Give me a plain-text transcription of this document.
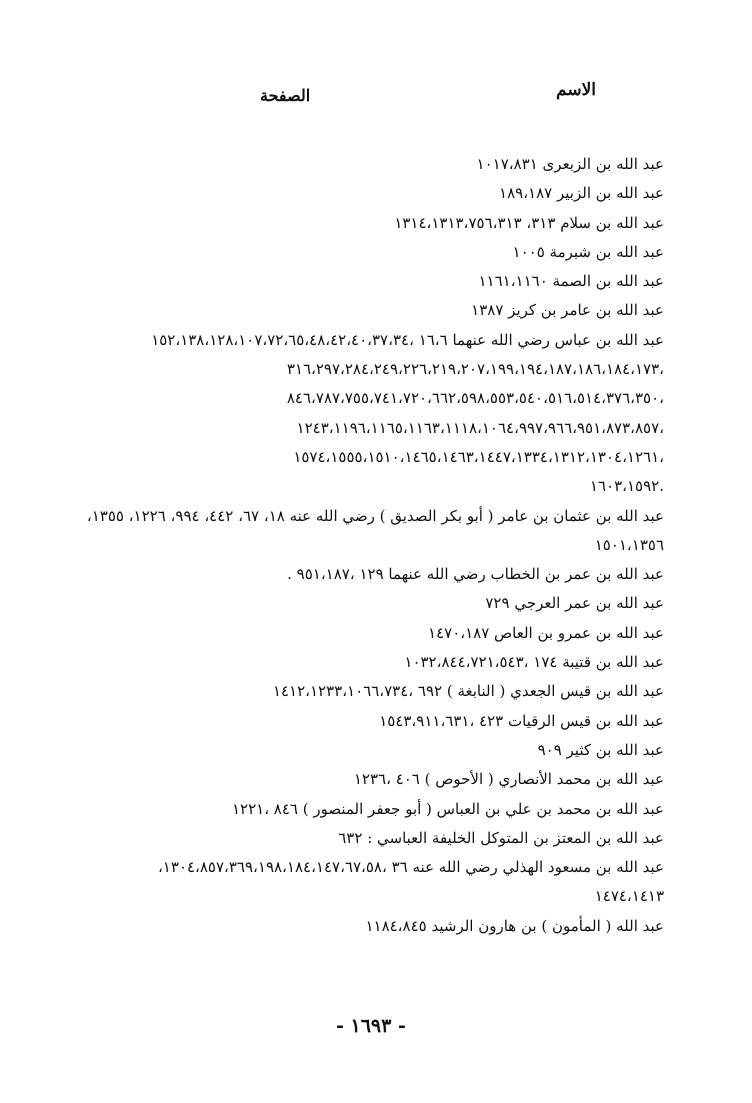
الاسم
الصفحة
عبد الله بن الزبعرى ١٠١٧،٨٣١
عبد الله بن الزبير ١٨٩،١٨٧
عبد الله بن سلام ٣١٣، ١٣١٤،١٣١٣،٧٥٦،٣١٣
عبد الله بن شبرمة ١٠٠٥
عبد الله بن الصمة ١١٦١،١١٦٠
عبد الله بن عامر بن كريز ١٣٨٧
عبد الله بن عباس رضي الله عنهما ١٦،٦ ،١٥٢،١٣٨،١٢٨،١٠٧،٧٢،٦٥،٤٨،٤٢،٤٠،٣٧،٣٤
،٣١٦،٢٩٧،٢٨٤،٢٤٩،٢٢٦،٢١٩،٢٠٧،١٩٩،١٩٤،١٨٧،١٨٦،١٨٤،١٧٣
،٨٤٦،٧٨٧،٧٥٥،٧٤١،٧٢٠،٦٦٢،٥٩٨،٥٥٣،٥٤٠،٥١٦،٥١٤،٣٧٦،٣٥٠
،١٢٤٣،١١٩٦،١١٦٥،١١٦٣،١١١٨،١٠٦٤،٩٩٧،٩٦٦،٩٥١،٨٧٣،٨٥٧
،١٥٧٤،١٥٥٥،١٥١٠،١٤٦٥،١٤٦٣،١٤٤٧،١٣٣٤،١٣١٢،١٣٠٤،١٢٦١
.١٦٠٣،١٥٩٢
عبد الله بن عثمان بن عامر ( أبو بكر الصديق ) رضي الله عنه ١٨، ٦٧، ٤٤٢، ٩٩٤، ١٢٢٦، ١٣٥٥،
١٥٠١،١٣٥٦
عبد الله بن عمر بن الخطاب رضي الله عنهما ١٢٩ ،٩٥١،١٨٧ .
عبد الله بن عمر العرجي ٧٢٩
عبد الله بن عمرو بن العاص ١٤٧٠،١٨٧
عبد الله بن قتيبة ١٧٤ ،١٠٣٢،٨٤٤،٧٢١،٥٤٣
عبد الله بن قيس الجعدي ( النابغة ) ٦٩٢ ،١٤١٢،١٢٣٣،١٠٦٦،٧٣٤
عبد الله بن قيس الرقيات ٤٢٣ ،١٥٤٣،٩١١،٦٣١
عبد الله بن كثير ٩٠٩
عبد الله بن محمد الأنصاري ( الأحوص ) ٤٠٦ ،١٢٣٦
عبد الله بن محمد بن علي بن العباس ( أبو جعفر المنصور ) ٨٤٦ ،١٢٢١
عبد الله بن المعتز بن المتوكل الخليفة العباسي : ٦٣٢
عبد الله بن مسعود الهذلي رضي الله عنه ٣٦ ،١٣٠٤،٨٥٧،٣٦٩،١٩٨،١٨٤،١٤٧،٦٧،٥٨،
١٤٧٤،١٤١٣
عبد الله ( المأمون ) بن هارون الرشيد ١١٨٤،٨٤٥
- ١٦٩٣ -
